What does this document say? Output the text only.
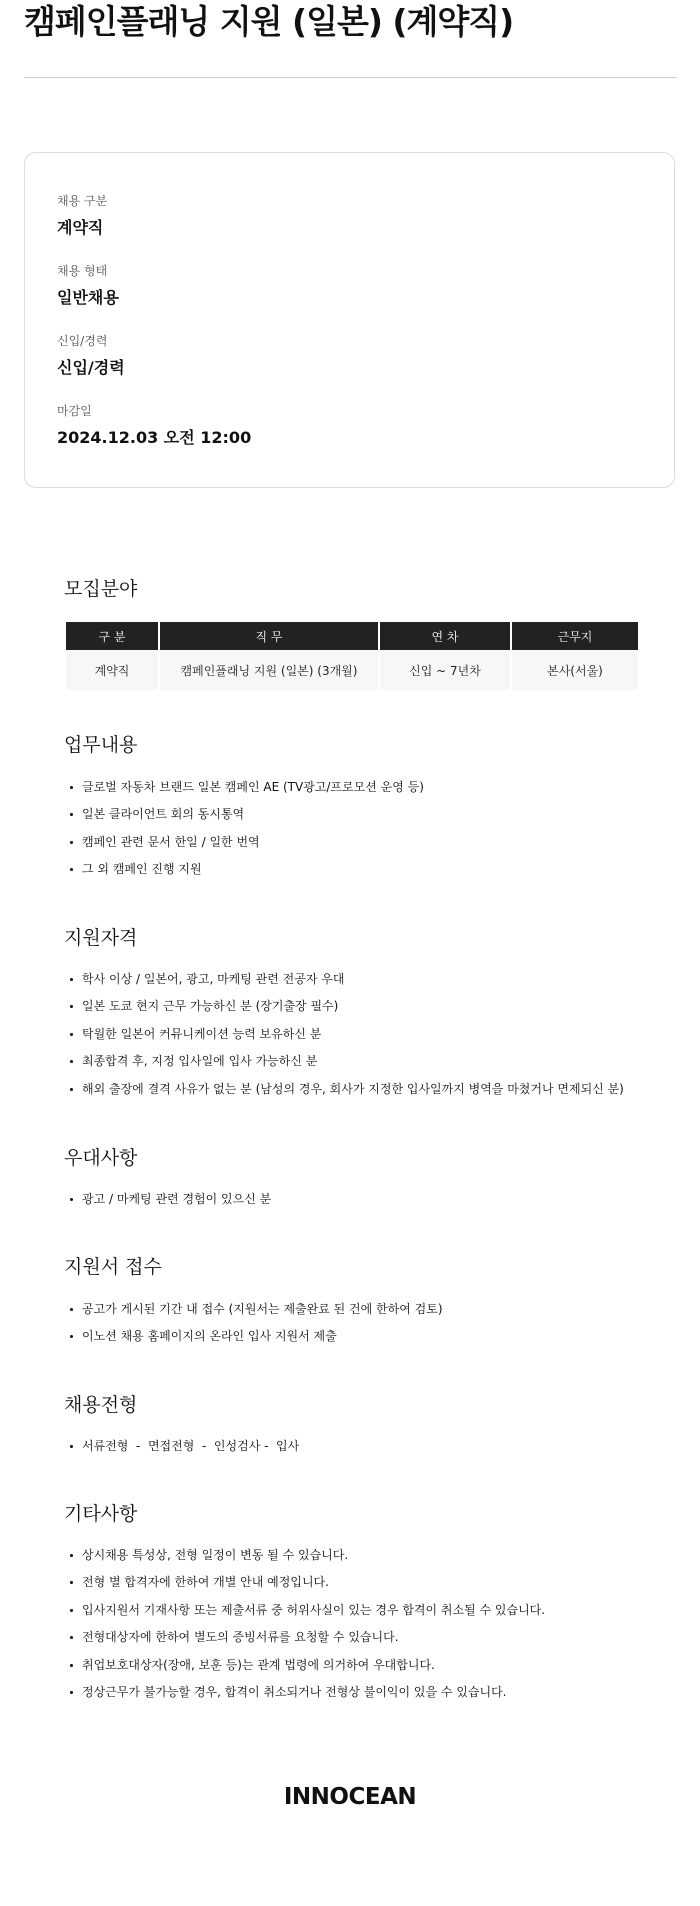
캠페인플래닝 지원 (일본) (계약직)
채용 구분
계약직
채용 형태
일반채용
신입/경력
신입/경력
마감일
2024.12.03 오전 12:00
모집분야
구 분	직 무	연 차	근무지
계약직	캠페인플래닝 지원 (일본) (3개월)	신입 ~ 7년차	본사(서울)
업무내용
글로벌 자동차 브랜드 일본 캠페인 AE (TV광고/프로모션 운영 등)
일본 클라이언트 회의 동시통역
캠페인 관련 문서 한일 / 일한 번역
그 외 캠페인 진행 지원
지원자격
학사 이상 / 일본어, 광고, 마케팅 관련 전공자 우대
일본 도쿄 현지 근무 가능하신 분 (장기출장 필수)
탁월한 일본어 커뮤니케이션 능력 보유하신 분
최종합격 후, 지정 입사일에 입사 가능하신 분
해외 출장에 결격 사유가 없는 분 (남성의 경우, 회사가 지정한 입사일까지 병역을 마쳤거나 면제되신 분)
우대사항
광고 / 마케팅 관련 경험이 있으신 분
지원서 접수
공고가 게시된 기간 내 접수 (지원서는 제출완료 된 건에 한하여 검토)
이노션 채용 홈페이지의 온라인 입사 지원서 제출
채용전형
서류전형  -  면접전형  -  인성검사 -  입사
기타사항
상시채용 특성상, 전형 일정이 변동 될 수 있습니다.
전형 별 합격자에 한하여 개별 안내 예정입니다.
입사지원서 기재사항 또는 제출서류 중 허위사실이 있는 경우 합격이 취소될 수 있습니다.
전형대상자에 한하여 별도의 증빙서류를 요청할 수 있습니다.
취업보호대상자(장애, 보훈 등)는 관계 법령에 의거하여 우대합니다.
정상근무가 불가능할 경우, 합격이 취소되거나 전형상 불이익이 있을 수 있습니다.
INNOCEAN
